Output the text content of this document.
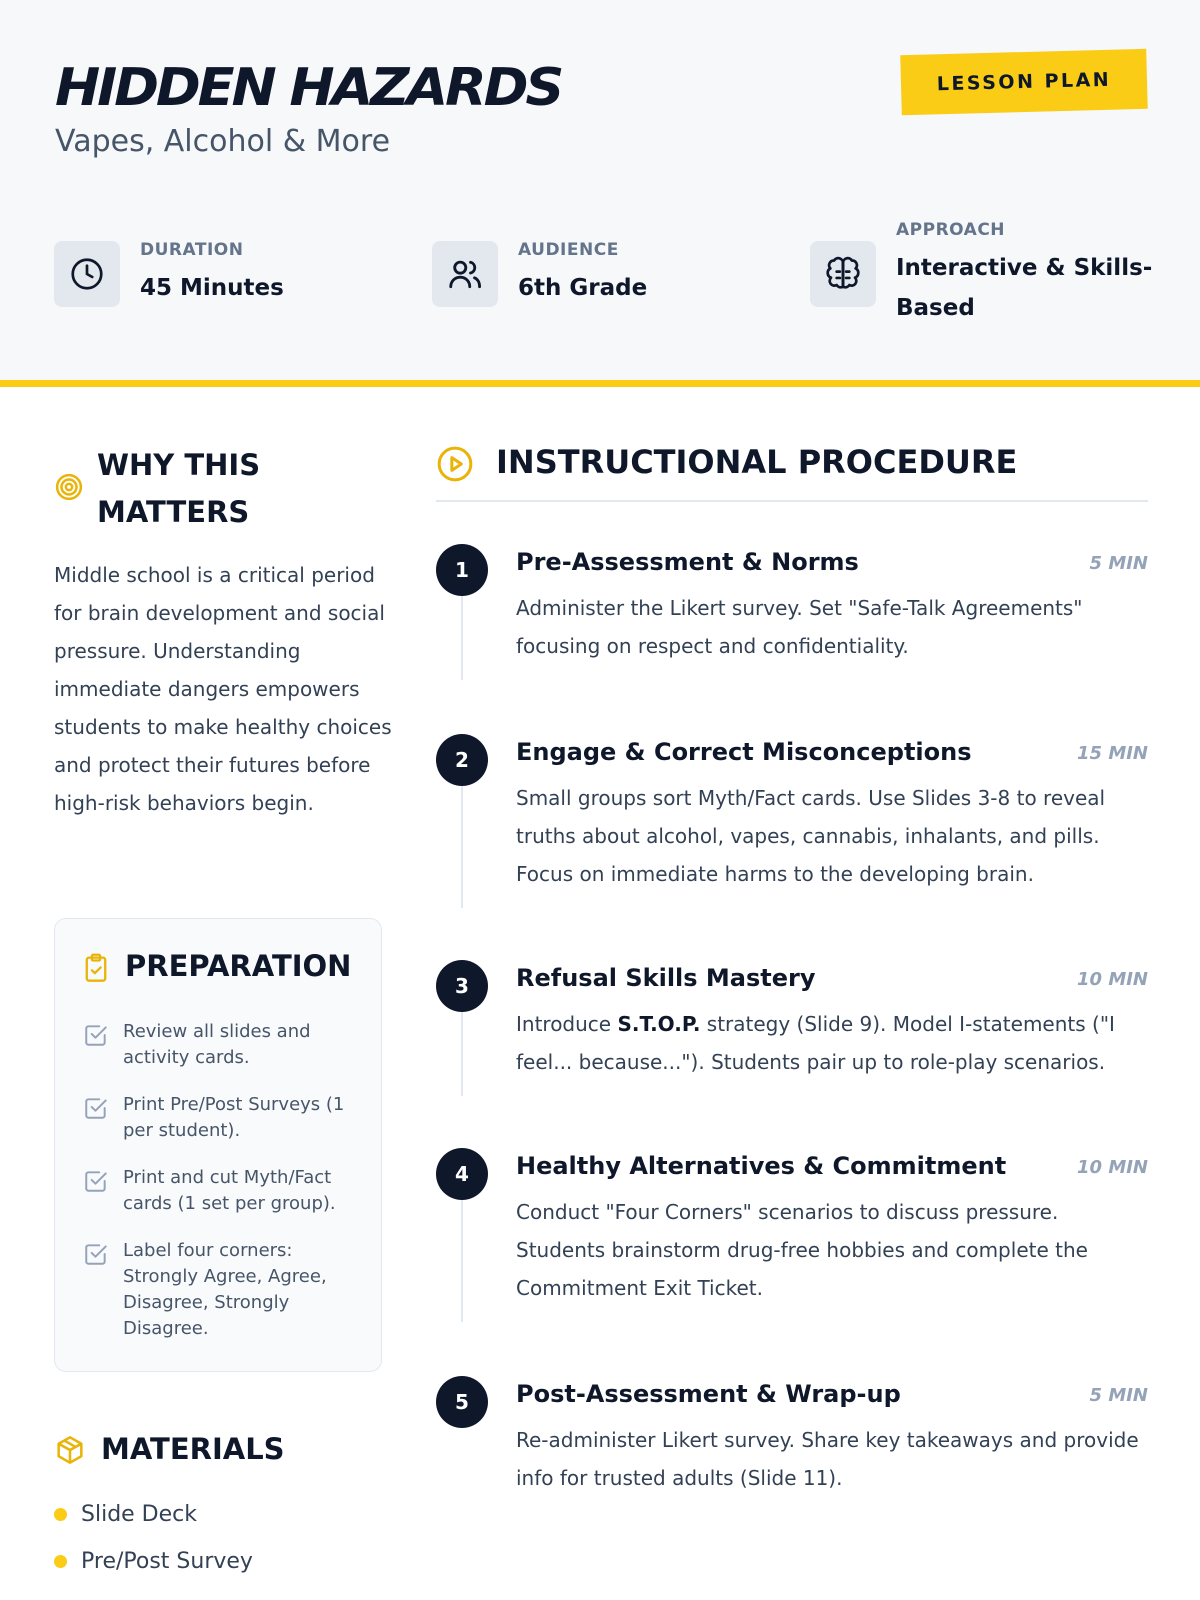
HIDDEN HAZARDS
Vapes, Alcohol & More
LESSON PLAN
DURATION
45 Minutes
AUDIENCE
6th Grade
APPROACH
Interactive & Skills-
Based
WHY THIS
MATTERS
Middle school is a critical period for brain development and social pressure. Understanding immediate dangers empowers students to make healthy choices and protect their futures before high-risk behaviors begin.
PREPARATION
Review all slides and activity cards.
Print Pre/Post Surveys (1 per student).
Print and cut Myth/Fact cards (1 set per group).
Label four corners: Strongly Agree, Agree, Disagree, Strongly Disagree.
MATERIALS
Slide Deck
Pre/Post Survey
INSTRUCTIONAL PROCEDURE
1	Pre-Assessment & Norms	5 MIN
Administer the Likert survey. Set "Safe-Talk Agreements" focusing on respect and confidentiality.
2	Engage & Correct Misconceptions	15 MIN
Small groups sort Myth/Fact cards. Use Slides 3-8 to reveal truths about alcohol, vapes, cannabis, inhalants, and pills. Focus on immediate harms to the developing brain.
3	Refusal Skills Mastery	10 MIN
Introduce S.T.O.P. strategy (Slide 9). Model I-statements ("I feel... because..."). Students pair up to role-play scenarios.
4	Healthy Alternatives & Commitment	10 MIN
Conduct "Four Corners" scenarios to discuss pressure. Students brainstorm drug-free hobbies and complete the Commitment Exit Ticket.
5	Post-Assessment & Wrap-up	5 MIN
Re-administer Likert survey. Share key takeaways and provide info for trusted adults (Slide 11).
